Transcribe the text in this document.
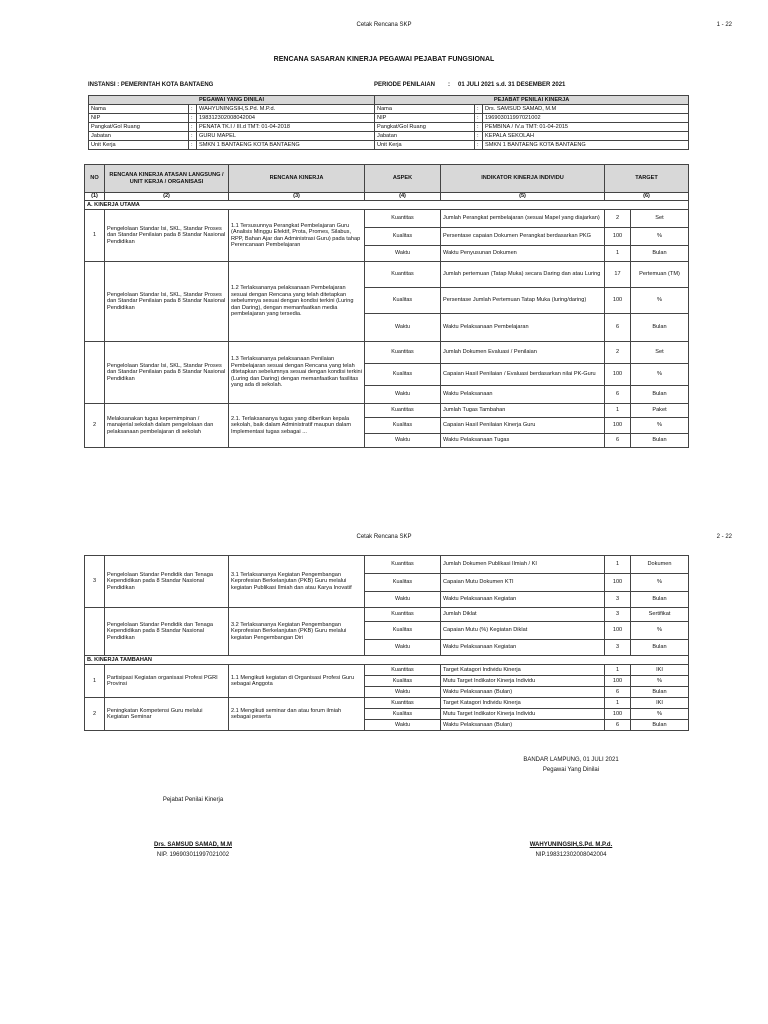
Cetak Rencana SKP	1 - 22
RENCANA SASARAN KINERJA PEGAWAI PEJABAT FUNGSIONAL
INSTANSI : PEMERINTAH KOTA BANTAENG	PERIODE PENILAIAN : 01 JULI 2021 s.d. 31 DESEMBER 2021
PEGAWAI YANG DINILAI			PEJABAT PENILAI KINERJA		
Nama	:	WAHYUNINGSIH,S.Pd. M.P.d.	Nama	:	Drs. SAMSUD SAMAD, M.M
NIP	:	198312302008042004	NIP	:	196903011997021002
Pangkat/Gol Ruang	:	PENATA TK.I / III.d TMT: 01-04-2018	Pangkat/Gol Ruang	:	PEMBINA / IV.a TMT: 01-04-2015
Jabatan	:	GURU MAPEL	Jabatan	:	KEPALA SEKOLAH
Unit Kerja	:	SMKN 1 BANTAENG KOTA BANTAENG	Unit Kerja	:	SMKN 1 BANTAENG KOTA BANTAENG
NO	RENCANA KINERJA ATASAN LANGSUNG / UNIT KERJA / ORGANISASI	RENCANA KINERJA	ASPEK	INDIKATOR KINERJA INDIVIDU	TARGET	
(1)	(2)	(3)	(4)	(5)	(6)	
A. KINERJA UTAMA						
1	Pengelolaan Standar Isi, SKL, Standar Proses dan Standar Penilaian pada 8 Standar Nasional Pendidikan	1.1 Tersusunnya Perangkat Pembelajaran Guru (Analisis Minggu Efektif, Prota, Promes, Silabus, RPP, Bahan Ajar dan Administrasi Guru) pada tahap Perencanaan Pembelajaran	Kuantitas	Jumlah Perangkat pembelajaran (sesuai Mapel yang diajarkan)	2	Set
			Kualitas	Persentase capaian Dokumen Perangkat berdasarkan PKG	100	%
			Waktu	Waktu Penyusunan Dokumen	1	Bulan
	Pengelolaan Standar Isi, SKL, Standar Proses dan Standar Penilaian pada 8 Standar Nasional Pendidikan	1.2 Terlaksananya pelaksanaan Pembelajaran sesuai dengan Rencana yang telah ditetapkan sebelumnya sesuai dengan kondisi terkini (Luring dan Daring), dengan memanfaatkan media pembelajaran yang tersedia.	Kuantitas	Jumlah pertemuan (Tatap Muka) secara Daring dan atau Luring	17	Pertemuan (TM)
			Kualitas	Persentase Jumlah Pertemuan Tatap Muka (luring/daring)	100	%
			Waktu	Waktu Pelaksanaan Pembelajaran	6	Bulan
	Pengelolaan Standar Isi, SKL, Standar Proses dan Standar Penilaian pada 8 Standar Nasional Pendidikan	1.3 Terlaksananya pelaksanaan Penilaian Pembelajaran sesuai dengan Rencana yang telah ditetapkan sebelumnya sesuai dengan kondisi terkini (Luring dan Daring) dengan memanfaatkan fasilitas yang ada di sekolah.	Kuantitas	Jumlah Dokumen Evaluasi / Penilaian	2	Set
			Kualitas	Capaian Hasil Penilaian / Evaluasi berdasarkan nilai PK-Guru	100	%
			Waktu	Waktu Pelaksanaan	6	Bulan
2	Melaksanakan tugas kepemimpinan / manajerial sekolah dalam pengelolaan dan pelaksanaan pembelajaran di sekolah	2.1. Terlaksananya tugas yang diberikan kepala sekolah, baik dalam Administratif maupun dalam Implementasi tugas sebagai ...	Kuantitas	Jumlah Tugas Tambahan	1	Paket
			Kualitas	Capaian Hasil Penilaian Kinerja Guru	100	%
			Waktu	Waktu Pelaksanaan Tugas	6	Bulan
Cetak Rencana SKP	2 - 22
3	Pengelolaan Standar Pendidik dan Tenaga Kependidikan pada 8 Standar Nasional Pendidikan	3.1 Terlaksananya Kegiatan Pengembangan Keprofesian Berkelanjutan (PKB) Guru melalui kegiatan Publikasi Ilmiah dan atau Karya Inovatif	Kuantitas	Jumlah Dokumen Publikasi Ilmiah / KI	1	Dokumen
			Kualitas	Capaian Mutu Dokumen KTI	100	%
			Waktu	Waktu Pelaksanaan Kegiatan	3	Bulan
	Pengelolaan Standar Pendidik dan Tenaga Kependidikan pada 8 Standar Nasional Pendidikan	3.2 Terlaksananya Kegiatan Pengembangan Keprofesian Berkelanjutan (PKB) Guru melalui kegiatan Pengembangan Diri	Kuantitas	Jumlah Diklat	3	Sertifikat
			Kualitas	Capaian Mutu (%) Kegiatan Diklat	100	%
			Waktu	Waktu Pelaksanaan Kegiatan	3	Bulan
B. KINERJA TAMBAHAN						
1	Partisipasi Kegiatan organisasi Profesi PGRI Provinsi	1.1 Mengikuti kegiatan di Organisasi Profesi Guru sebagai Anggota	Kuantitas	Target Katagori Individu Kinerja	1	IKI
			Kualitas	Mutu Target Indikator Kinerja Individu	100	%
			Waktu	Waktu Pelaksanaan (Bulan)	6	Bulan
2	Peningkatan Kompetensi Guru melalui Kegiatan Seminar	2.1 Mengikuti seminar dan atau forum ilmiah sebagai peserta	Kuantitas	Target Katagori Individu Kinerja	1	IKI
			Kualitas	Mutu Target Indikator Kinerja Individu	100	%
			Waktu	Waktu Pelaksanaan (Bulan)	6	Bulan
BANDAR LAMPUNG, 01 JULI 2021
Pegawai Yang Dinilai
Pejabat Penilai Kinerja
Drs. SAMSUD SAMAD, M.M
NIP. 196903011997021002
WAHYUNINGSIH,S.Pd. M.P.d.
NIP.198312302008042004
